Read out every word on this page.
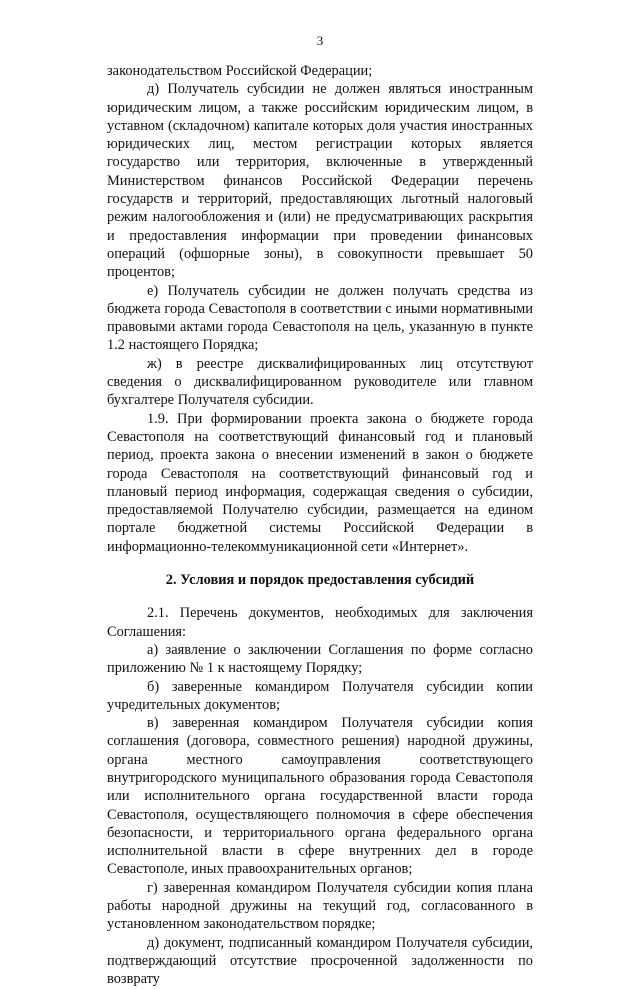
3

законодательством Российской Федерации;

д) Получатель субсидии не должен являться иностранным юридическим лицом, а также российским юридическим лицом, в уставном (складочном) капитале которых доля участия иностранных юридических лиц, местом регистрации которых является государство или территория, включенные в утвержденный Министерством финансов Российской Федерации перечень государств и территорий, предоставляющих льготный налоговый режим налогообложения и (или) не предусматривающих раскрытия и предоставления информации при проведении финансовых операций (офшорные зоны), в совокупности превышает 50 процентов;

е) Получатель субсидии не должен получать средства из бюджета города Севастополя в соответствии с иными нормативными правовыми актами города Севастополя на цель, указанную в пункте 1.2 настоящего Порядка;

ж) в реестре дисквалифицированных лиц отсутствуют сведения о дисквалифицированном руководителе или главном бухгалтере Получателя субсидии.

1.9. При формировании проекта закона о бюджете города Севастополя на соответствующий финансовый год и плановый период, проекта закона о внесении изменений в закон о бюджете города Севастополя на соответствующий финансовый год и плановый период информация, содержащая сведения о субсидии, предоставляемой Получателю субсидии, размещается на едином портале бюджетной системы Российской Федерации в информационно-телекоммуникационной сети «Интернет».

2. Условия и порядок предоставления субсидий

2.1. Перечень документов, необходимых для заключения Соглашения:

а) заявление о заключении Соглашения по форме согласно приложению № 1 к настоящему Порядку;

б) заверенные командиром Получателя субсидии копии учредительных документов;

в) заверенная командиром Получателя субсидии копия соглашения (договора, совместного решения) народной дружины, органа местного самоуправления соответствующего внутригородского муниципального образования города Севастополя или исполнительного органа государственной власти города Севастополя, осуществляющего полномочия в сфере обеспечения безопасности, и территориального органа федерального органа исполнительной власти в сфере внутренних дел в городе Севастополе, иных правоохранительных органов;

г) заверенная командиром Получателя субсидии копия плана работы народной дружины на текущий год, согласованного в установленном законодательством порядке;

д) документ, подписанный командиром Получателя субсидии, подтверждающий отсутствие просроченной задолженности по возврату
